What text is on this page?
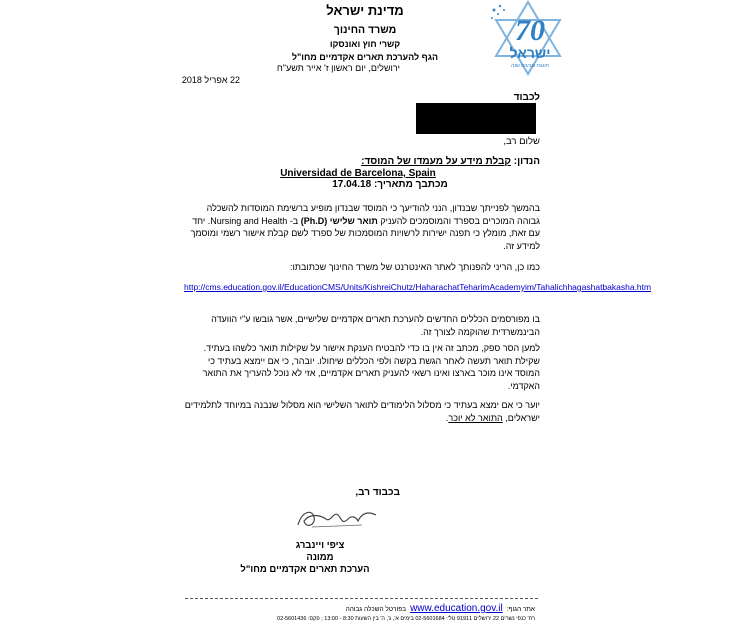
מדינת ישראל
משרד החינוך
קשרי חוץ ואונסקו
הגף להערכת תארים אקדמיים מחו"ל
70
ישראל
חוגגת שבעים שנה
ירושלים, יום ראשון ז' אייר תשע"ח
22 אפריל 2018
לכבוד
שלום רב,
הנדון: קבלת מידע על מעמדו של המוסד:
Universidad de Barcelona, Spain
מכתבך מתאריך: 17.04.18
בהמשך לפנייתך שבנדון, הנני להודיעך כי המוסד שבנדון מופיע ברשימת המוסדות להשכלה גבוהה המוכרים בספרד והמוסמכים להעניק תואר שלישי (Ph.D) ב- Nursing and Health. יחד עם זאת, מומלץ כי תפנה ישירות לרשויות המוסמכות של ספרד לשם קבלת אישור רשמי ומוסמך למידע זה.
כמו כן, הריני להפנותך לאתר האינטרנט של משרד החינוך שכתובתו:
http://cms.education.gov.il/EducationCMS/Units/KishreiChutz/HaharachatTeharimAcademyim/Tahalichhagashatbakasha.htm
בו מפורסמים הכללים החדשים להערכת תארים אקדמיים שלישיים, אשר גובשו ע"י הוועדה הבינמשרדית שהוקמה לצורך זה.
למען הסר ספק, מכתב זה אין בו כדי להבטיח הענקת אישור על שקילות תואר כלשהו בעתיד. שקילת תואר תעשה לאחר הגשת בקשה ולפי הכללים שיחולו. יובהר, כי אם יימצא בעתיד כי המוסד אינו מוכר בארצו ואינו רשאי להעניק תארים אקדמיים, אזי לא נוכל להעריך את התואר האקדמי.
יוער כי אם ימצא בעתיד כי מסלול הלימודים לתואר השלישי הוא מסלול שנבנה במיוחד לתלמידים ישראלים, התואר לא יוכר.
בכבוד רב,
ציפי ויינברג
ממונה
הערכת תארים אקדמיים מחו"ל
אתר הגוף:www.education.gov.ilבפורטל השכלה גבוהה
רח' כנפי נשרים 22 ירושלים 91911 טל': 02-5601684 בימים א', ג', ה' בין השעות 8:30 - 13:00 ; פקס: 02-5601436
